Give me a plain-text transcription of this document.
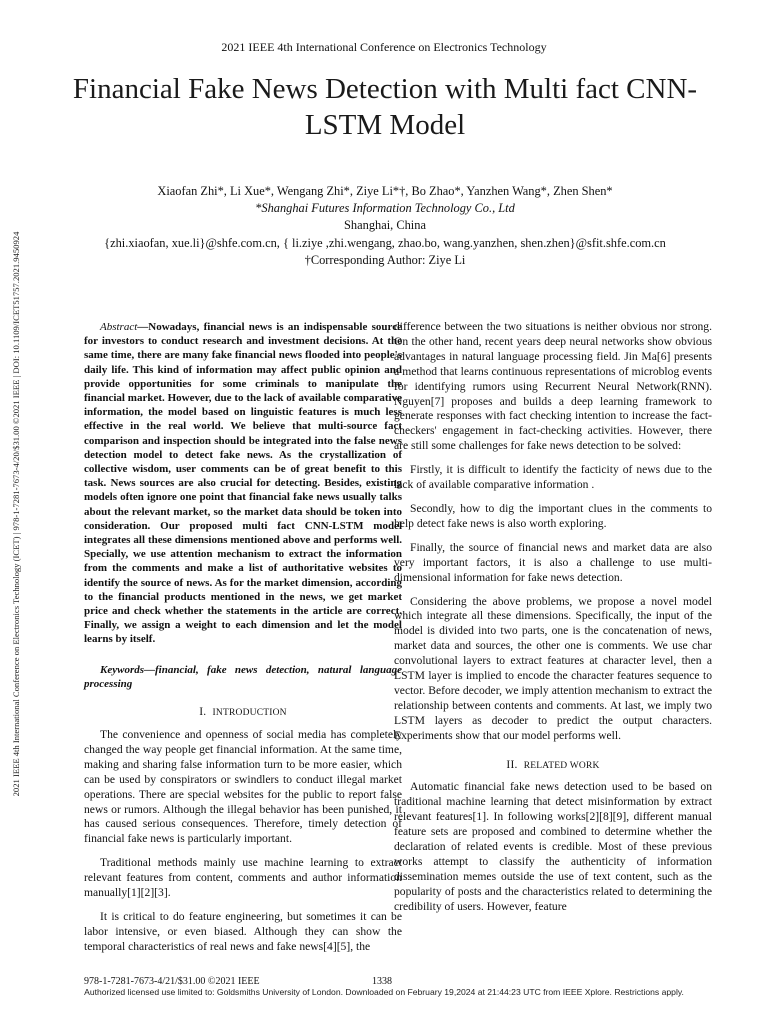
2021 IEEE 4th International Conference on Electronics Technology
Financial Fake News Detection with Multi fact CNN-LSTM Model
2021 IEEE 4th International Conference on Electronics Technology (ICET) | 978-1-7281-7673-4/20/$31.00 ©2021 IEEE | DOI: 10.1109/ICET51757.2021.9450924
Xiaofan Zhi*, Li Xue*, Wengang Zhi*, Ziye Li*†, Bo Zhao*, Yanzhen Wang*, Zhen Shen*
*Shanghai Futures Information Technology Co., Ltd
Shanghai, China
{zhi.xiaofan, xue.li}@shfe.com.cn, { li.ziye ,zhi.wengang, zhao.bo, wang.yanzhen, shen.zhen}@sfit.shfe.com.cn
†Corresponding Author: Ziye Li

Abstract—Nowadays, financial news is an indispensable source for investors to conduct research and investment decisions. At the same time, there are many fake financial news flooded into people's daily life. This kind of information may affect public opinion and provide opportunities for some criminals to manipulate the financial market. However, due to the lack of available comparative information, the model based on linguistic features is much less effective in the real world. We believe that multi-source fact comparison and inspection should be integrated into the false news detection model to detect fake news. As the crystallization of collective wisdom, user comments can be of great benefit to this task. News sources are also crucial for detecting. Besides, existing models often ignore one point that financial fake news usually talks about the relevant market, so the market data should be token into consideration. Our proposed multi fact CNN-LSTM model integrates all these dimensions mentioned above and performs well. Specially, we use attention mechanism to extract the information from the comments and make a list of authoritative websites to identify the source of news. As for the market dimension, according to the financial products mentioned in the news, we get market price and check whether the statements in the article are correct. Finally, we assign a weight to each dimension and let the model learns by itself.

Keywords—financial, fake news detection, natural language processing

I. INTRODUCTION

The convenience and openness of social media has completely changed the way people get financial information. At the same time, making and sharing false information turn to be more easier, which can be used by conspirators or swindlers to conduct illegal market operations. There are special websites for the public to report false news or rumors. Although the illegal behavior has been punished, it has caused serious consequences. Therefore, timely detection of financial fake news is particularly important.

Traditional methods mainly use machine learning to extract relevant features from content, comments and author information manually[1][2][3].

It is critical to do feature engineering, but sometimes it can be labor intensive, or even biased. Although they can show the temporal characteristics of real news and fake news[4][5], the

difference between the two situations is neither obvious nor strong. On the other hand, recent years deep neural networks show obvious advantages in natural language processing field. Jin Ma[6] presents a method that learns continuous representations of microblog events for identifying rumors using Recurrent Neural Network(RNN). Nguyen[7] proposes and builds a deep learning framework to generate responses with fact checking intention to increase the fact-checkers' engagement in fact-checking activities. However, there are still some challenges for fake news detection to be solved:

Firstly, it is difficult to identify the facticity of news due to the lack of available comparative information .

Secondly, how to dig the important clues in the comments to help detect fake news is also worth exploring.

Finally, the source of financial news and market data are also very important factors, it is also a challenge to use multi-dimensional information for fake news detection.

Considering the above problems, we propose a novel model which integrate all these dimensions. Specifically, the input of the model is divided into two parts, one is the concatenation of news, market data and sources, the other one is comments. We use char convolutional layers to extract features at character level, then a LSTM layer is implied to encode the character features sequence to vector. Before decoder, we imply attention mechanism to extract the relationship between contents and comments. At last, we imply two LSTM layers as decoder to predict the output characters. Experiments show that our model performs well.

II. RELATED WORK

Automatic financial fake news detection used to be based on traditional machine learning that detect misinformation by extract relevant features[1]. In following works[2][8][9], different manual feature sets are proposed and combined to determine whether the declaration of related events is credible. Most of these previous works attempt to classify the authenticity of information dissemination memes outside the use of text content, such as the popularity of posts and the characteristics related to determining the credibility of users. However, feature

978-1-7281-7673-4/21/$31.00 ©2021 IEEE	1338
Authorized licensed use limited to: Goldsmiths University of London. Downloaded on February 19,2024 at 21:44:23 UTC from IEEE Xplore. Restrictions apply.
